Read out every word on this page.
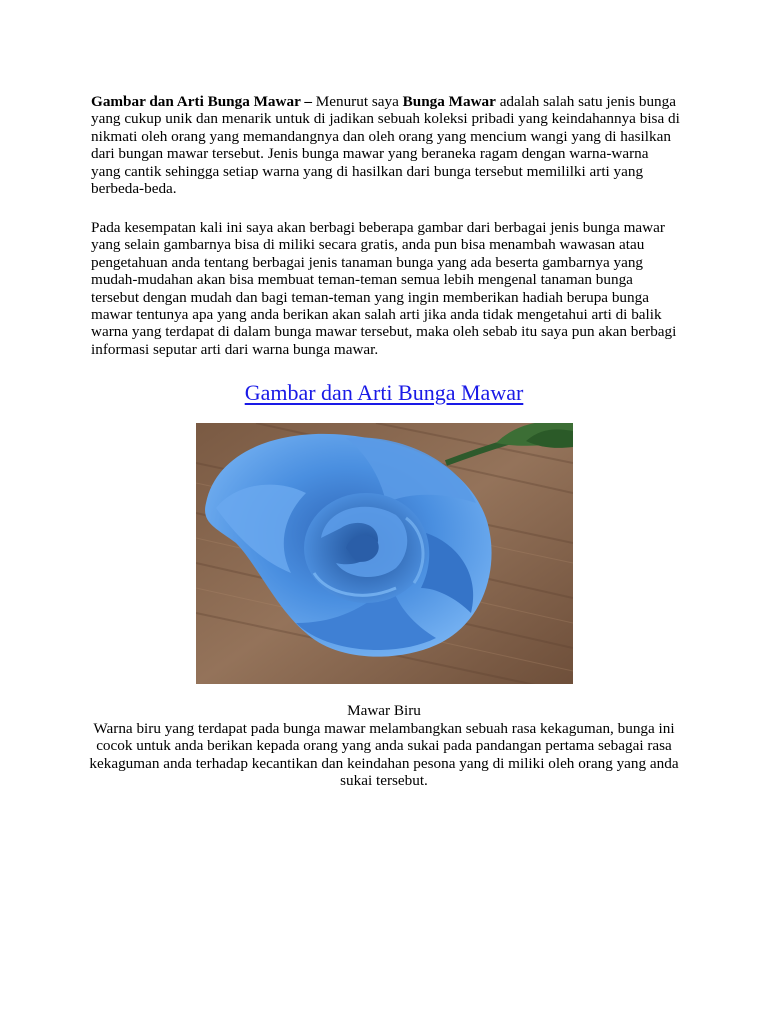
Gambar dan Arti Bunga Mawar – Menurut saya Bunga Mawar adalah salah satu jenis bunga yang cukup unik dan menarik untuk di jadikan sebuah koleksi pribadi yang keindahannya bisa di nikmati oleh orang yang memandangnya dan oleh orang yang mencium wangi yang di hasilkan dari bungan mawar tersebut. Jenis bunga mawar yang beraneka ragam dengan warna-warna yang cantik sehingga setiap warna yang di hasilkan dari bunga tersebut memililki arti yang berbeda-beda.

Pada kesempatan kali ini saya akan berbagi beberapa gambar dari berbagai jenis bunga mawar yang selain gambarnya bisa di miliki secara gratis, anda pun bisa menambah wawasan atau pengetahuan anda tentang berbagai jenis tanaman bunga yang ada beserta gambarnya yang mudah-mudahan akan bisa membuat teman-teman semua lebih mengenal tanaman bunga tersebut dengan mudah dan bagi teman-teman yang ingin memberikan hadiah berupa bunga mawar tentunya apa yang anda berikan akan salah arti jika anda tidak mengetahui arti di balik warna yang terdapat di dalam bunga mawar tersebut, maka oleh sebab itu saya pun akan berbagi informasi seputar arti dari warna bunga mawar.

Gambar dan Arti Bunga Mawar
Mawar Biru
Warna biru yang terdapat pada bunga mawar melambangkan sebuah rasa kekaguman, bunga ini cocok untuk anda berikan kepada orang yang anda sukai pada pandangan pertama sebagai rasa kekaguman anda terhadap kecantikan dan keindahan pesona yang di miliki oleh orang yang anda sukai tersebut.
